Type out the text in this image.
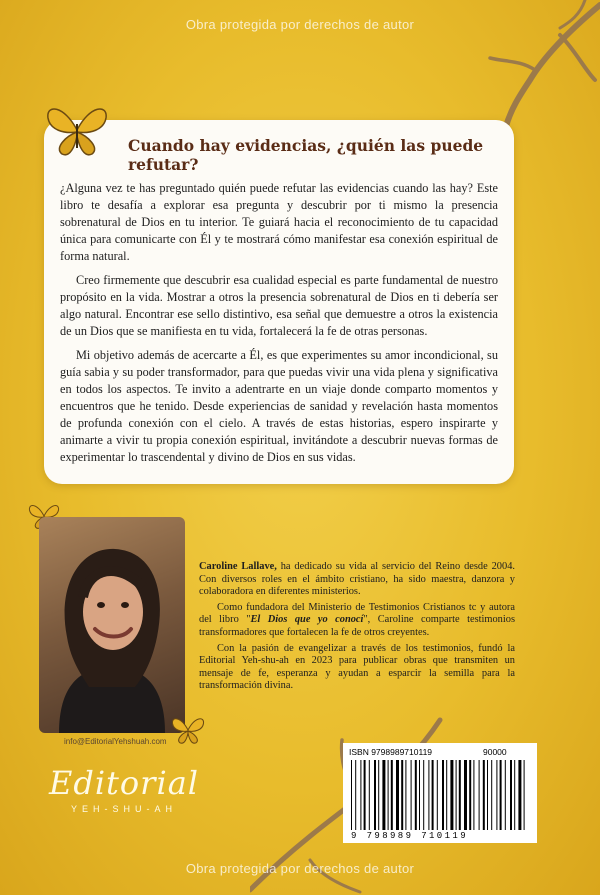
Obra protegida por derechos de autor
Cuando hay evidencias, ¿quién las puede refutar?

¿Alguna vez te has preguntado quién puede refutar las evidencias cuando las hay? Este libro te desafía a explorar esa pregunta y descubrir por ti mismo la presencia sobrenatural de Dios en tu interior. Te guiará hacia el reconocimiento de tu capacidad única para comunicarte con Él y te mostrará cómo manifestar esa conexión espiritual de forma natural.

Creo firmemente que descubrir esa cualidad especial es parte fundamental de nuestro propósito en la vida. Mostrar a otros la presencia sobrenatural de Dios en ti debería ser algo natural. Encontrar ese sello distintivo, esa señal que demuestre a otros la existencia de un Dios que se manifiesta en tu vida, fortalecerá la fe de otras personas.

Mi objetivo además de acercarte a Él, es que experimentes su amor incondicional, su guía sabia y su poder transformador, para que puedas vivir una vida plena y significativa en todos los aspectos. Te invito a adentrarte en un viaje donde comparto momentos y encuentros que he tenido. Desde experiencias de sanidad y revelación hasta momentos de profunda conexión con el cielo. A través de estas historias, espero inspirarte y animarte a vivir tu propia conexión espiritual, invitándote a descubrir nuevas formas de experimentar lo trascendental y divino de Dios en sus vidas.

info@EditorialYehshuah.com

Caroline Lallave, ha dedicado su vida al servicio del Reino desde 2004. Con diversos roles en el ámbito cristiano, ha sido maestra, danzora y colaboradora en diferentes ministerios.

Como fundadora del Ministerio de Testimonios Cristianos tc y autora del libro "El Dios que yo conocí", Caroline comparte testimonios transformadores que fortalecen la fe de otros creyentes.

Con la pasión de evangelizar a través de los testimonios, fundó la Editorial Yeh-shu-ah en 2023 para publicar obras que transmiten un mensaje de fe, esperanza y ayudan a esparcir la semilla para la transformación divina.

Editorial
YEH-SHU-AH
ISBN 9798989710119	90000
9 798989 710119
Obra protegida por derechos de autor
